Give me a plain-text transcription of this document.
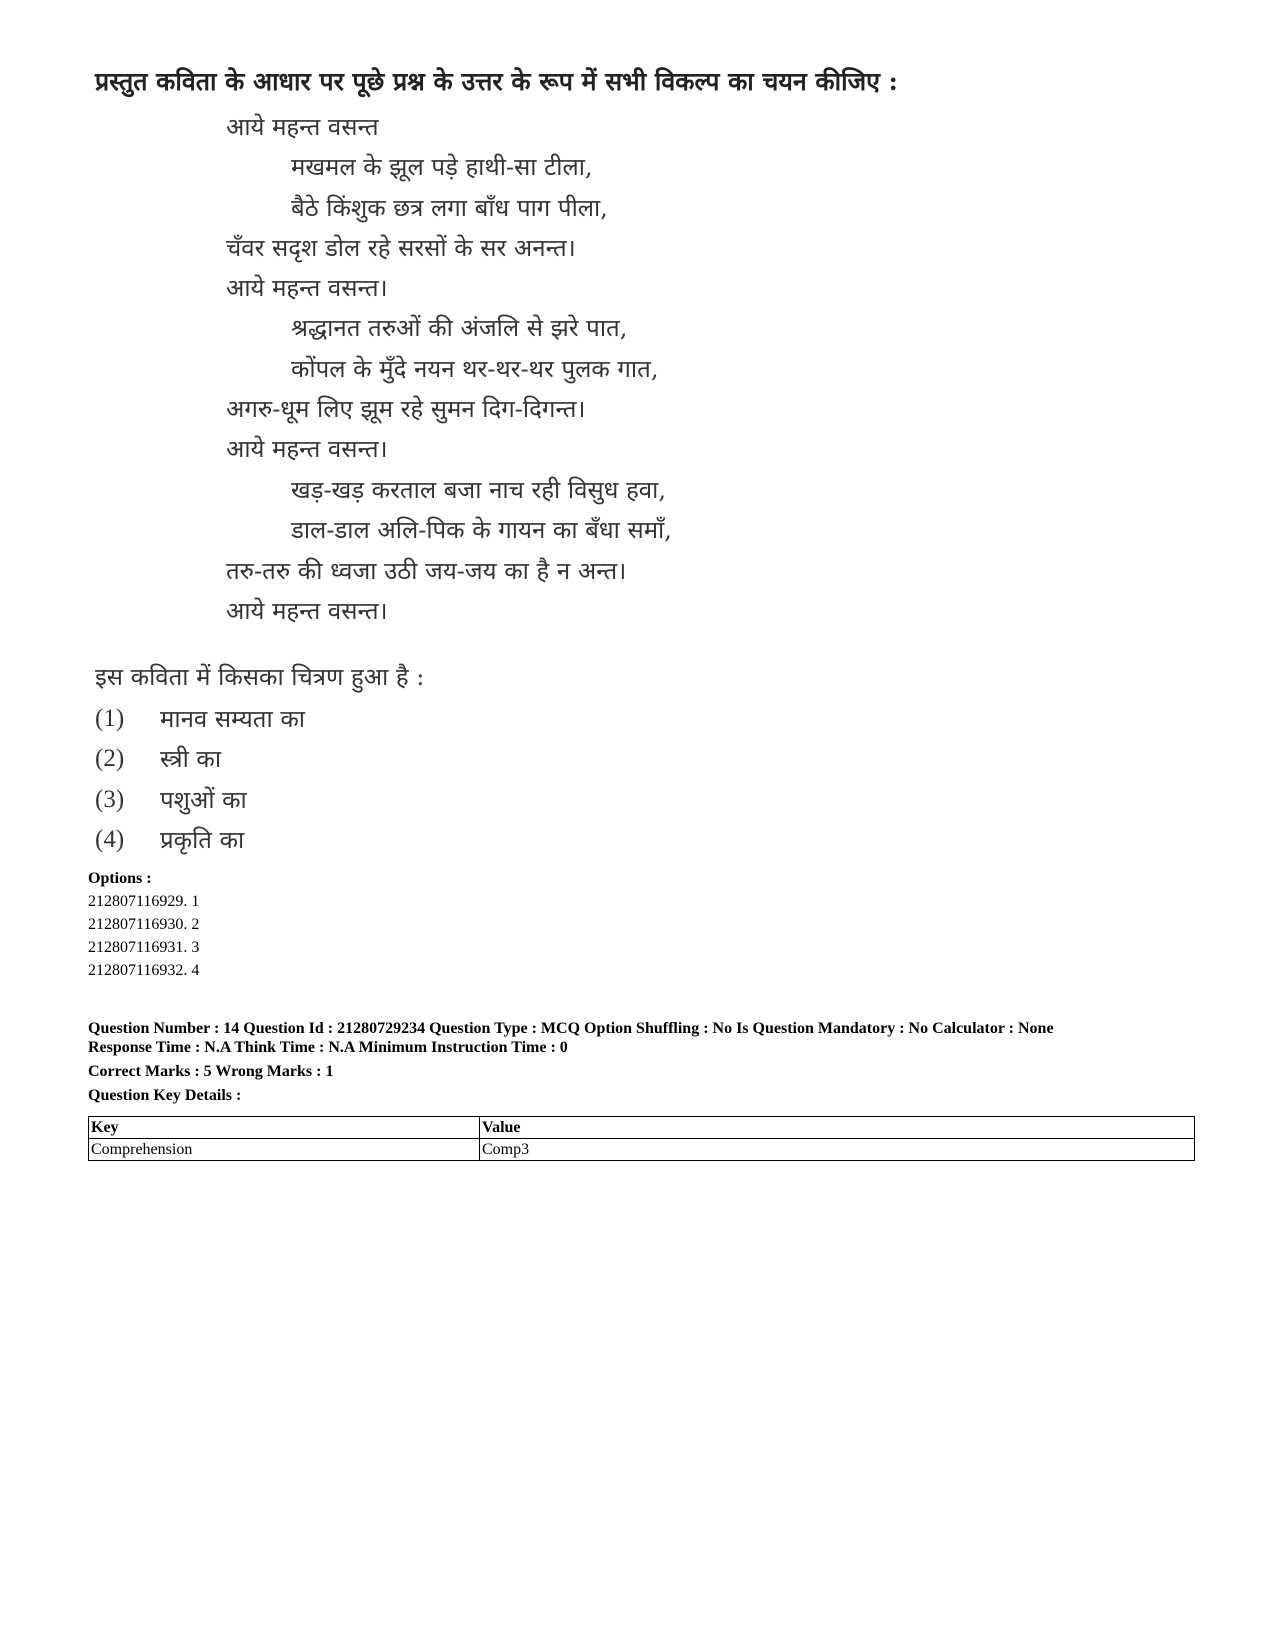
प्रस्तुत कविता के आधार पर पूछे प्रश्न के उत्तर के रूप में सभी विकल्प का चयन कीजिए :
आये महन्त वसन्त
मखमल के झूल पड़े हाथी-सा टीला,
बैठे किंशुक छत्र लगा बाँध पाग पीला,
चँवर सदृश डोल रहे सरसों के सर अनन्त।
आये महन्त वसन्त।
श्रद्धानत तरुओं की अंजलि से झरे पात,
कोंपल के मुँदे नयन थर-थर-थर पुलक गात,
अगरु-धूम लिए झूम रहे सुमन दिग-दिगन्त।
आये महन्त वसन्त।
खड़-खड़ करताल बजा नाच रही विसुध हवा,
डाल-डाल अलि-पिक के गायन का बँधा समाँ,
तरु-तरु की ध्वजा उठी जय-जय का है न अन्त।
आये महन्त वसन्त।
इस कविता में किसका चित्रण हुआ है :
(1) मानव सम्यता का
(2) स्त्री का
(3) पशुओं का
(4) प्रकृति का
Options :
212807116929. 1
212807116930. 2
212807116931. 3
212807116932. 4
Question Number : 14 Question Id : 21280729234 Question Type : MCQ Option Shuffling : No Is Question Mandatory : No Calculator : None
Response Time : N.A Think Time : N.A Minimum Instruction Time : 0
Correct Marks : 5 Wrong Marks : 1
Question Key Details :
Key	Value
Comprehension	Comp3
